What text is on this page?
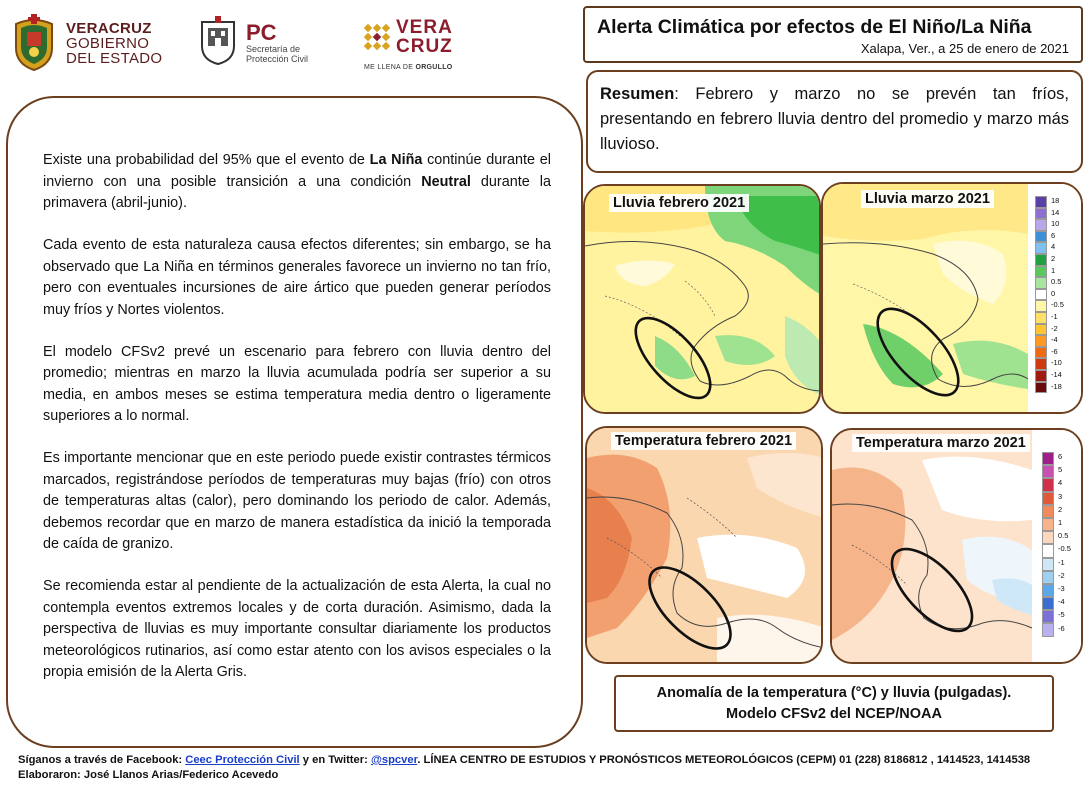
VERACRUZ
GOBIERNO
DEL ESTADO
PC
Secretaría de
Protección Civil
VERA
CRUZ
ME LLENA DE ORGULLO
Alerta Climática por efectos de El Niño/La Niña
Xalapa, Ver., a 25 de enero de 2021
Resumen: Febrero y marzo no se prevén tan fríos, presentando en febrero lluvia dentro del promedio y marzo más lluvioso.

Existe una probabilidad del 95% que el evento de La Niña continúe durante el invierno con una posible transición a una condición Neutral durante la primavera (abril-junio).

Cada evento de esta naturaleza causa efectos diferentes; sin embargo, se ha observado que La Niña en términos generales favorece un invierno no tan frío, pero con eventuales incursiones de aire ártico que pueden generar períodos muy fríos y Nortes violentos.

El modelo CFSv2 prevé un escenario para febrero con lluvia dentro del promedio; mientras en marzo la lluvia acumulada podría ser superior a su media, en ambos meses se estima temperatura media dentro o ligeramente superiores a lo normal.

Es importante mencionar que en este periodo puede existir contrastes térmicos marcados, registrándose períodos de temperaturas muy bajas (frío) con otros de temperaturas altas (calor), pero dominando los periodo de calor. Además, debemos recordar que en marzo de manera estadística da inició la temporada de caída de granizo.

Se recomienda estar al pendiente de la actualización de esta Alerta, la cual no contempla eventos extremos locales y de corta duración. Asimismo, dada la perspectiva de lluvias es muy importante consultar diariamente los productos meteorológicos rutinarios, así como estar atento con los avisos especiales o la propia emisión de la Alerta Gris.

Lluvia febrero 2021	Lluvia marzo 2021	18
14
10
6
4
2
1
0.5
0
-0.5
-1
-2
-4
-6
-10
-14
-18
Temperatura febrero 2021	Temperatura marzo 2021
6
5
4
3
2
1
0.5
-0.5
-1
-2
-3
-4
-5
-6
Anomalía de la temperatura (°C) y lluvia (pulgadas).
Modelo CFSv2 del NCEP/NOAA
Síganos a través de Facebook: Ceec Protección Civil y en Twitter: @spcver. LÍNEA CENTRO DE ESTUDIOS Y PRONÓSTICOS METEOROLÓGICOS (CEPM) 01 (228) 8186812 , 1414523, 1414538
Elaboraron: José Llanos Arias/Federico Acevedo
